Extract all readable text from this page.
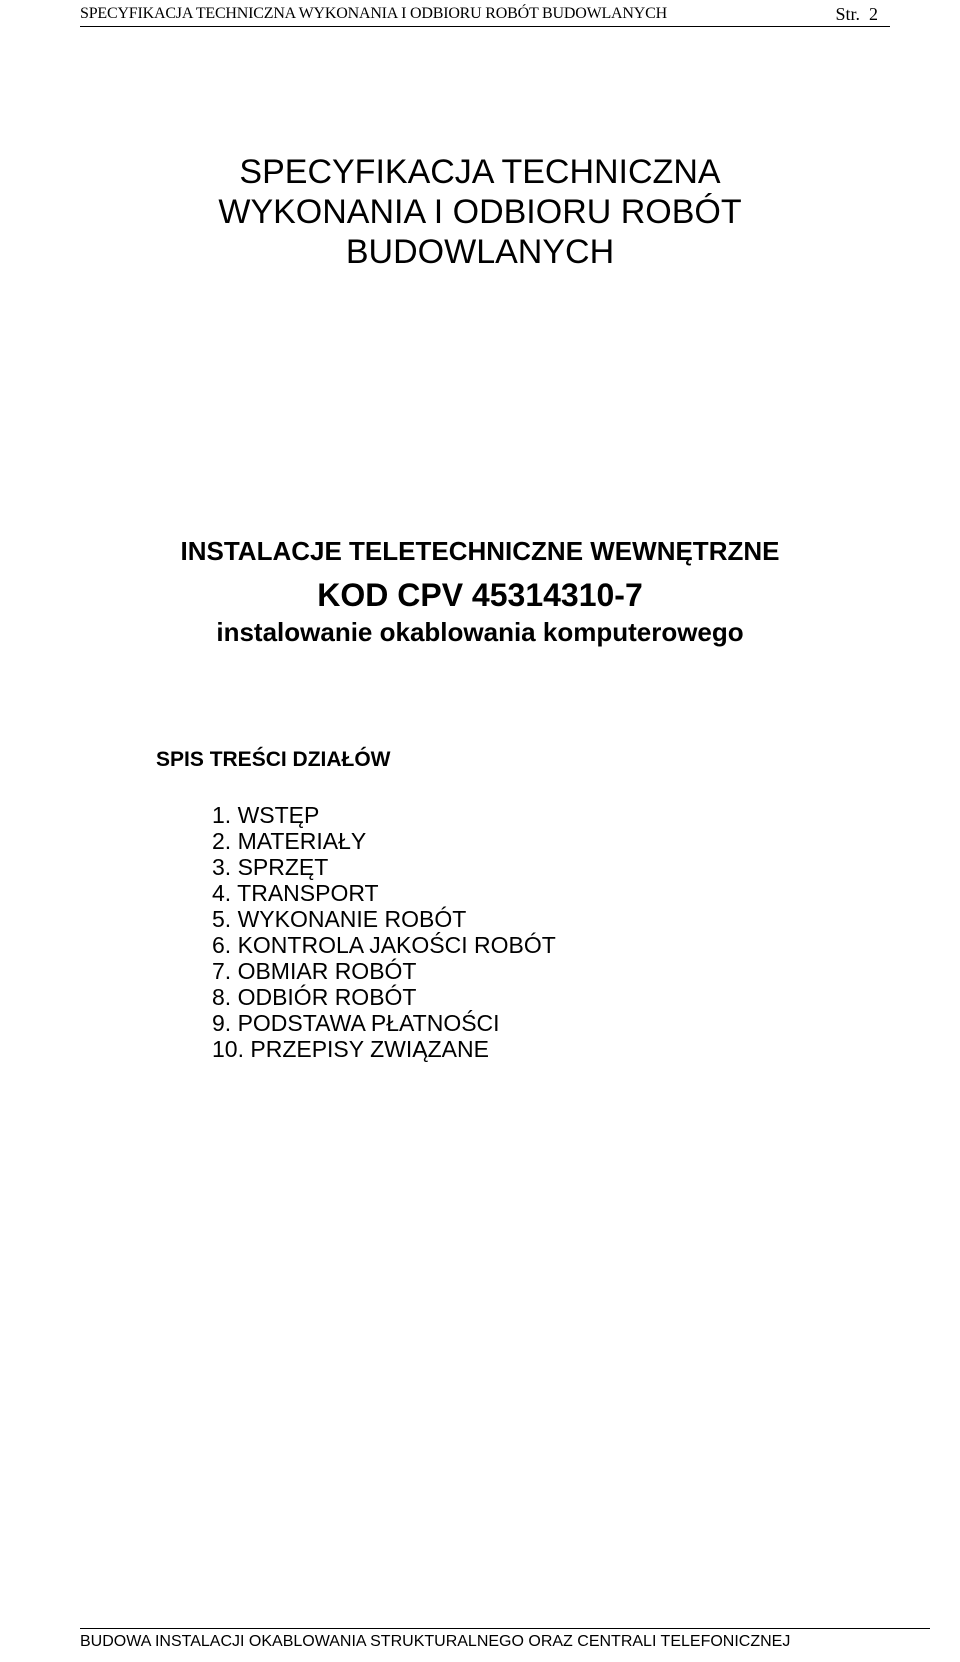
SPECYFIKACJA TECHNICZNA WYKONANIA I ODBIORU ROBÓT BUDOWLANYCH	Str. 2
SPECYFIKACJA TECHNICZNA
WYKONANIA I ODBIORU ROBÓT
BUDOWLANYCH
INSTALACJE TELETECHNICZNE WEWNĘTRZNE
KOD CPV 45314310-7
instalowanie okablowania komputerowego
SPIS TREŚCI DZIAŁÓW
1. WSTĘP
2. MATERIAŁY
3. SPRZĘT
4. TRANSPORT
5. WYKONANIE ROBÓT
6. KONTROLA JAKOŚCI ROBÓT
7. OBMIAR ROBÓT
8. ODBIÓR ROBÓT
9. PODSTAWA PŁATNOŚCI
10. PRZEPISY ZWIĄZANE
BUDOWA INSTALACJI OKABLOWANIA STRUKTURALNEGO ORAZ CENTRALI TELEFONICZNEJ
